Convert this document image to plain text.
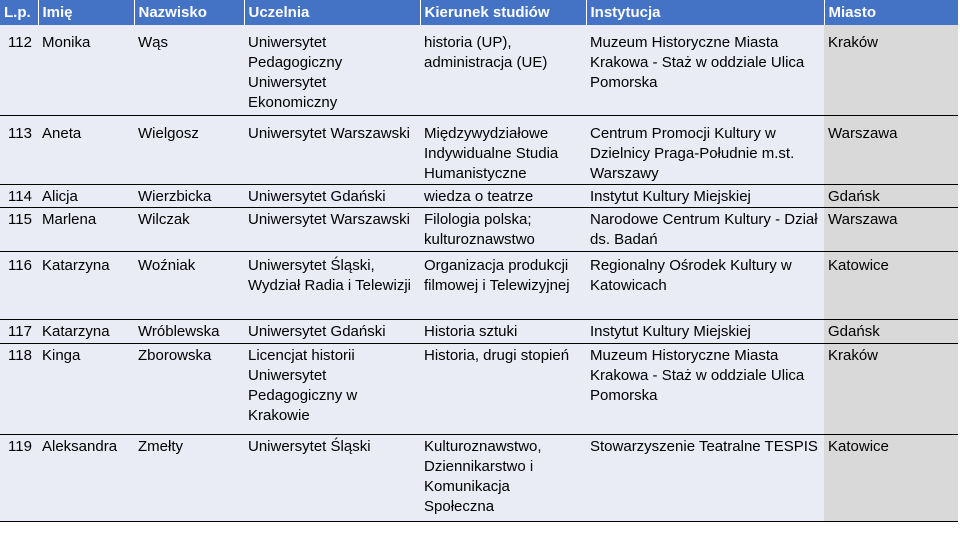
L.p.	Imię	Nazwisko	Uczelnia	Kierunek studiów	Instytucja	Miasto
112	Monika	Wąs	Uniwersytet Pedagogiczny Uniwersytet Ekonomiczny	historia (UP), administracja (UE)	Muzeum Historyczne Miasta Krakowa - Staż w oddziale Ulica Pomorska	Kraków
113	Aneta	Wielgosz	Uniwersytet Warszawski	Międzywydziałowe Indywidualne Studia Humanistyczne	Centrum Promocji Kultury w Dzielnicy Praga-Południe m.st. Warszawy	Warszawa
114	Alicja	Wierzbicka	Uniwersytet Gdański	wiedza o teatrze	Instytut Kultury Miejskiej	Gdańsk
115	Marlena	Wilczak	Uniwersytet Warszawski	Filologia polska; kulturoznawstwo	Narodowe Centrum Kultury - Dział ds. Badań	Warszawa
116	Katarzyna	Woźniak	Uniwersytet Śląski, Wydział Radia i Telewizji	Organizacja produkcji filmowej i Telewizyjnej	Regionalny Ośrodek Kultury w Katowicach	Katowice
117	Katarzyna	Wróblewska	Uniwersytet Gdański	Historia sztuki	Instytut Kultury Miejskiej	Gdańsk
118	Kinga	Zborowska	Licencjat historii Uniwersytet Pedagogiczny w Krakowie	Historia, drugi stopień	Muzeum Historyczne Miasta Krakowa - Staż w oddziale Ulica Pomorska	Kraków
119	Aleksandra	Zmełty	Uniwersytet Śląski	Kulturoznawstwo, Dziennikarstwo i Komunikacja Społeczna	Stowarzyszenie Teatralne TESPIS	Katowice
